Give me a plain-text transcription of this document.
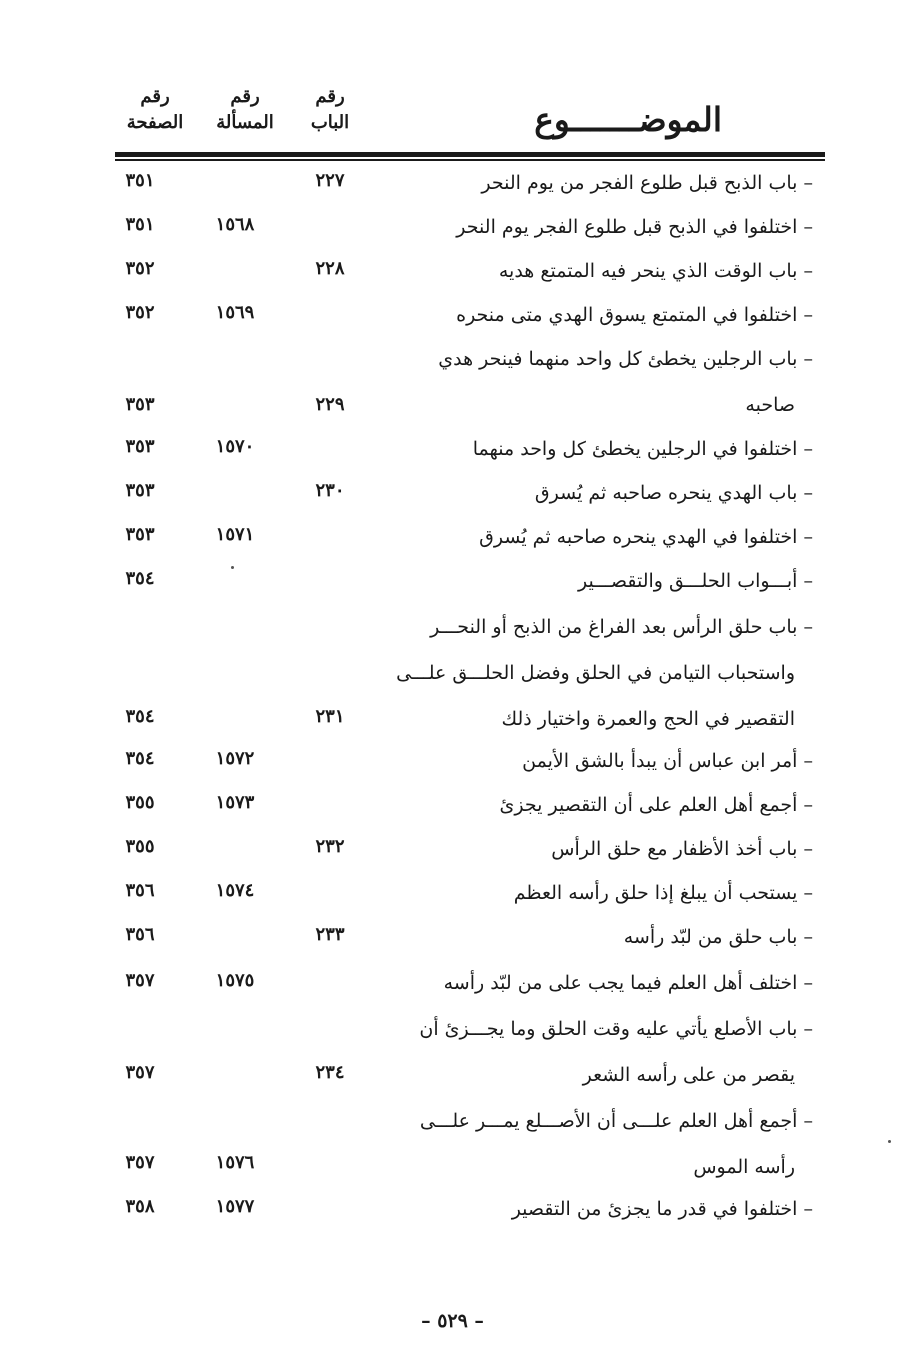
رقم
الصفحة
رقم
المسألة
رقم
الباب	الموضـــــــوع
– باب الذبح قبل طلوع الفجر من يوم النحر
٢٢٧
٣٥١
– اختلفوا في الذبح قبل طلوع الفجر يوم النحر
١٥٦٨
٣٥١
– باب الوقت الذي ينحر فيه المتمتع هديه
٢٢٨
٣٥٢
– اختلفوا في المتمتع يسوق الهدي متى منحره
١٥٦٩
٣٥٢
– باب الرجلين يخطئ كل واحد منهما فينحر هدي
صاحبه
٢٢٩
٣٥٣
– اختلفوا في الرجلين يخطئ كل واحد منهما
١٥٧٠
٣٥٣
– باب الهدي ينحره صاحبه ثم يُسرق
٢٣٠
٣٥٣
– اختلفوا في الهدي ينحره صاحبه ثم يُسرق
١٥٧١
٣٥٣
– أبـــواب الحلـــق والتقصـــير
٣٥٤
– باب حلق الرأس بعد الفراغ من الذبح أو النحـــر
واستحباب التيامن في الحلق وفضل الحلـــق علـــى
التقصير في الحج والعمرة واختيار ذلك
٢٣١
٣٥٤
– أمر ابن عباس أن يبدأ بالشق الأيمن
١٥٧٢
٣٥٤
– أجمع أهل العلم على أن التقصير يجزئ
١٥٧٣
٣٥٥
– باب أخذ الأظفار مع حلق الرأس
٢٣٢
٣٥٥
– يستحب أن يبلغ إذا حلق رأسه العظم
١٥٧٤
٣٥٦
– باب حلق من لبّد رأسه
٢٣٣
٣٥٦
– اختلف أهل العلم فيما يجب على من لبّد رأسه
١٥٧٥
٣٥٧
– باب الأصلع يأتي عليه وقت الحلق وما يجـــزئ أن
يقصر من على رأسه الشعر
٢٣٤
٣٥٧
– أجمع أهل العلم علـــى أن الأصـــلع يمـــر علـــى
رأسه الموس
١٥٧٦
٣٥٧
– اختلفوا في قدر ما يجزئ من التقصير
١٥٧٧
٣٥٨
– ٥٢٩ –
